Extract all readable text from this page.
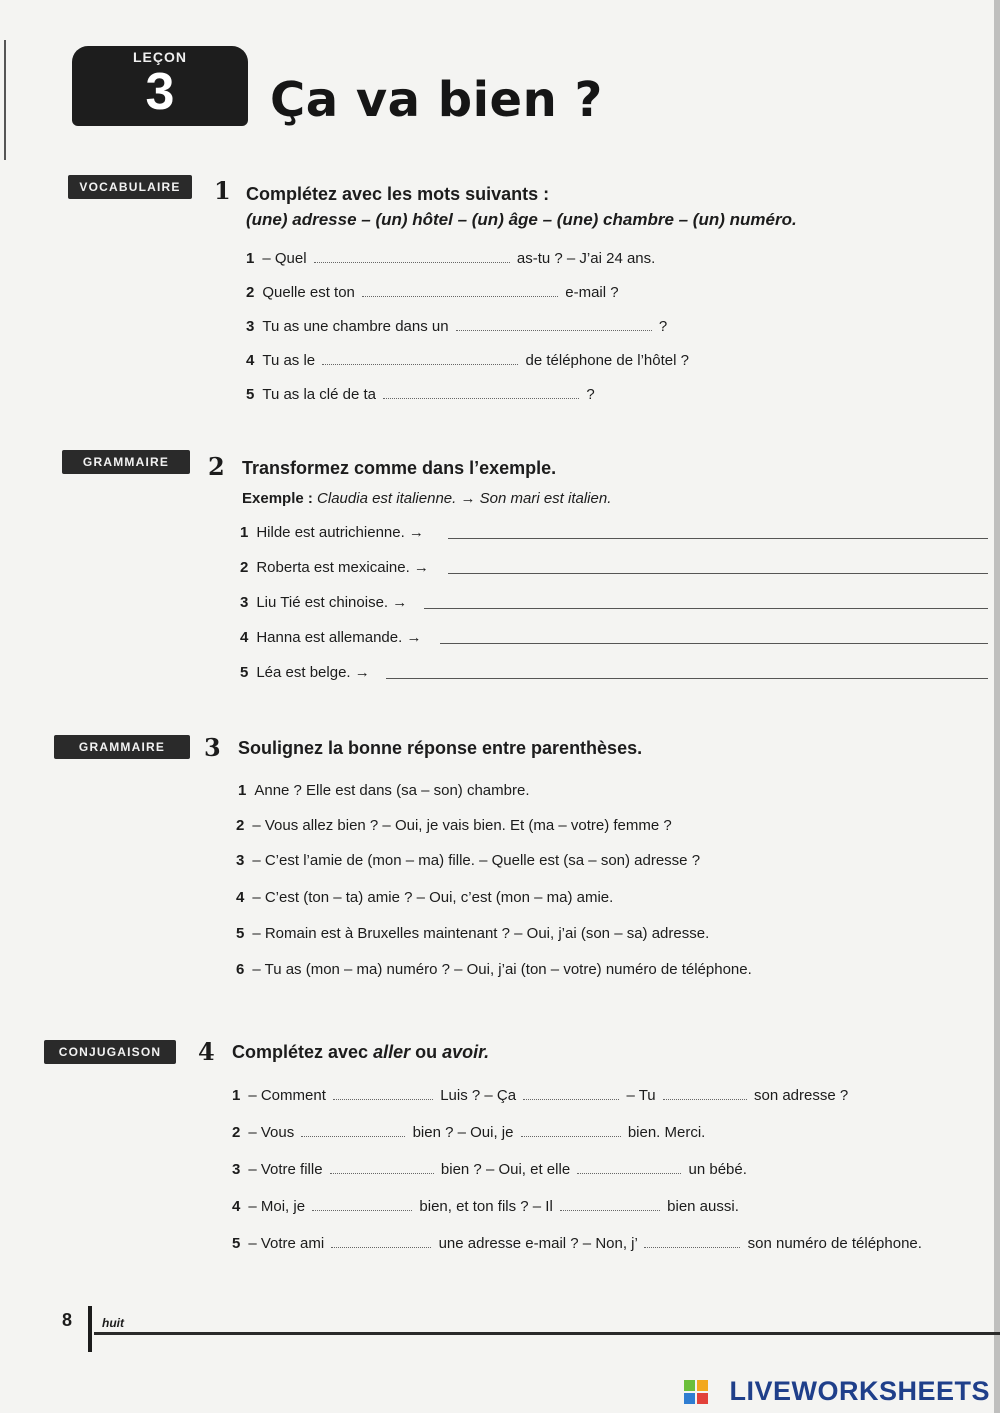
LEÇON
3	Ça va bien ?
VOCABULAIRE	1 Complétez avec les mots suivants :
(une) adresse – (un) hôtel – (un) âge – (une) chambre – (un) numéro.
1 – Quel	as-tu ? – J’ai 24 ans.
2 Quelle est ton	e-mail ?
3 Tu as une chambre dans un	?
4 Tu as le	de téléphone de l’hôtel ?
5 Tu as la clé de ta	?
GRAMMAIRE	2 Transformez comme dans l’exemple.
Exemple : Claudia est italienne. → Son mari est italien.
1 Hilde est autrichienne. →
2 Roberta est mexicaine. →
3 Liu Tié est chinoise. →
4 Hanna est allemande. →
5 Léa est belge. →
GRAMMAIRE	3 Soulignez la bonne réponse entre parenthèses.
1 Anne ? Elle est dans (sa – son) chambre.
2 – Vous allez bien ? – Oui, je vais bien. Et (ma – votre) femme ?
3 – C’est l’amie de (mon – ma) fille. – Quelle est (sa – son) adresse ?
4 – C’est (ton – ta) amie ? – Oui, c’est (mon – ma) amie.
5 – Romain est à Bruxelles maintenant ? – Oui, j’ai (son – sa) adresse.
6 – Tu as (mon – ma) numéro ? – Oui, j’ai (ton – votre) numéro de téléphone.
CONJUGAISON	4 Complétez avec aller ou avoir.
1 – Comment	Luis ? – Ça	– Tu	son adresse ?
2 – Vous	bien ? – Oui, je	bien. Merci.
3 – Votre fille	bien ? – Oui, et elle	un bébé.
4 – Moi, je	bien, et ton fils ? – Il	bien aussi.
5 – Votre ami	une adresse e-mail ? – Non, j’	son numéro de téléphone.
8 huit
LIVEWORKSHEETS
